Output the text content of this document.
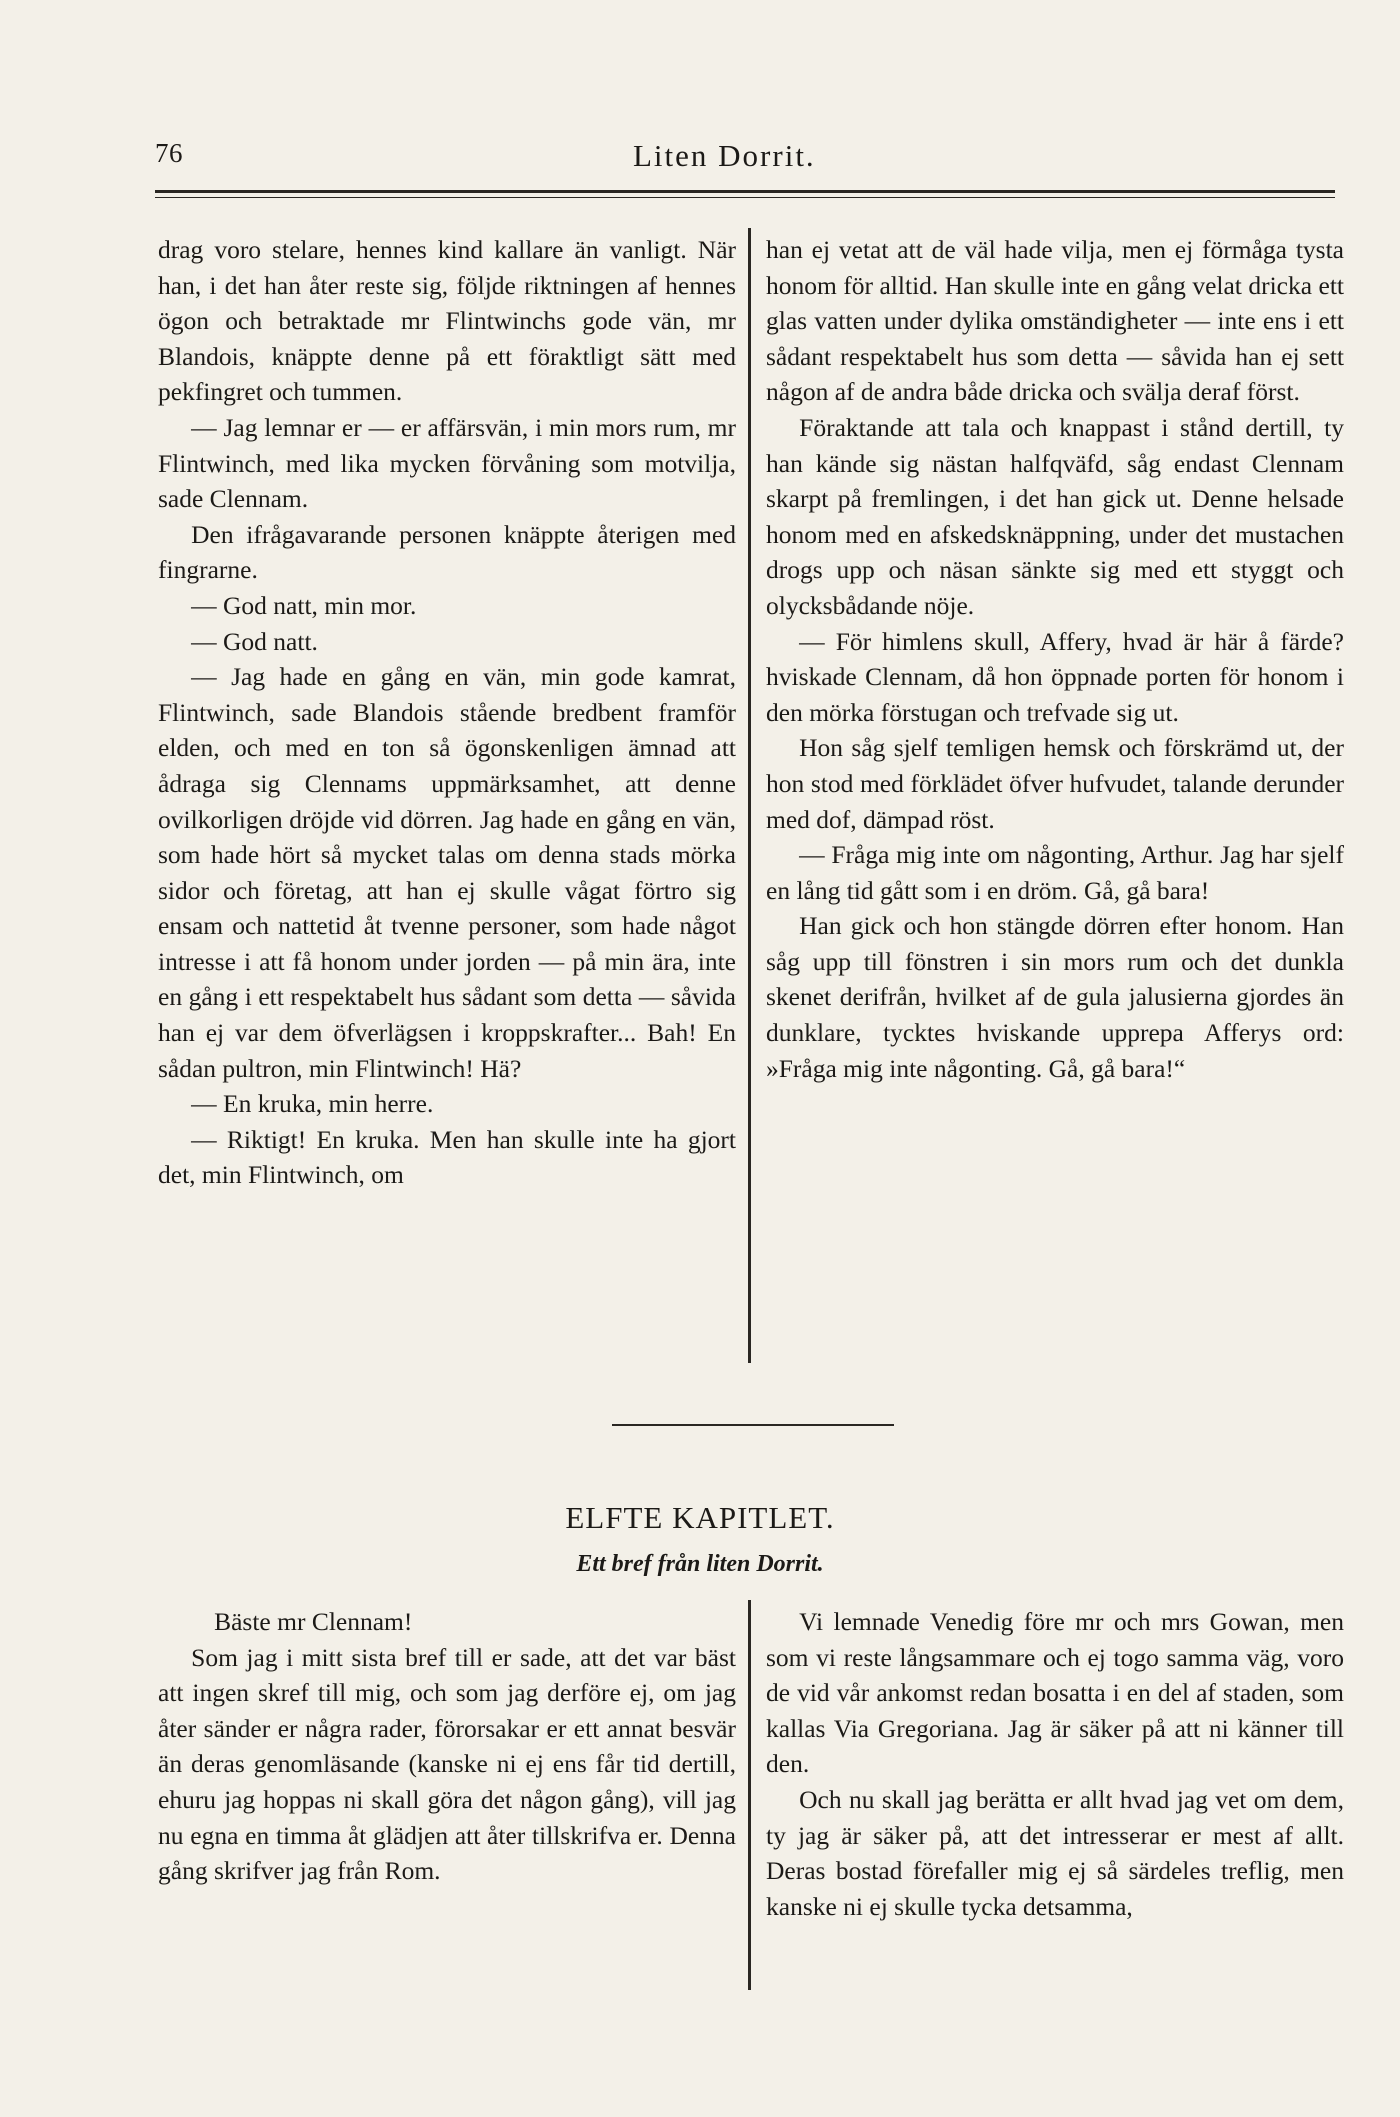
76	Liten Dorrit.

drag voro stelare, hennes kind kallare än vanligt. När han, i det han åter reste sig, följde riktningen af hennes ögon och betraktade mr Flintwinchs gode vän, mr Blandois, knäppte denne på ett föraktligt sätt med pekfingret och tummen.

— Jag lemnar er — er affärsvän, i min mors rum, mr Flintwinch, med lika mycken förvåning som motvilja, sade Clennam.

Den ifrågavarande personen knäppte återigen med fingrarne.

— God natt, min mor.

— God natt.

— Jag hade en gång en vän, min gode kamrat, Flintwinch, sade Blandois stående bredbent framför elden, och med en ton så ögonskenligen ämnad att ådraga sig Clennams uppmärksamhet, att denne ovilkorligen dröjde vid dörren. Jag hade en gång en vän, som hade hört så mycket talas om denna stads mörka sidor och företag, att han ej skulle vågat förtro sig ensam och nattetid åt tvenne personer, som hade något intresse i att få honom under jorden — på min ära, inte en gång i ett respektabelt hus sådant som detta — såvida han ej var dem öfverlägsen i kroppskrafter... Bah! En sådan pultron, min Flintwinch! Hä?

— En kruka, min herre.

— Riktigt! En kruka. Men han skulle inte ha gjort det, min Flintwinch, om

han ej vetat att de väl hade vilja, men ej förmåga tysta honom för alltid. Han skulle inte en gång velat dricka ett glas vatten under dylika omständigheter — inte ens i ett sådant respektabelt hus som detta — såvida han ej sett någon af de andra både dricka och svälja deraf först.

Föraktande att tala och knappast i stånd dertill, ty han kände sig nästan halfqväfd, såg endast Clennam skarpt på fremlingen, i det han gick ut. Denne helsade honom med en afskedsknäppning, under det mustachen drogs upp och näsan sänkte sig med ett styggt och olycksbådande nöje.

— För himlens skull, Affery, hvad är här å färde? hviskade Clennam, då hon öppnade porten för honom i den mörka förstugan och trefvade sig ut.

Hon såg sjelf temligen hemsk och förskrämd ut, der hon stod med förklädet öfver hufvudet, talande derunder med dof, dämpad röst.

— Fråga mig inte om någonting, Arthur. Jag har sjelf en lång tid gått som i en dröm. Gå, gå bara!

Han gick och hon stängde dörren efter honom. Han såg upp till fönstren i sin mors rum och det dunkla skenet derifrån, hvilket af de gula jalusierna gjordes än dunklare, tycktes hviskande upprepa Afferys ord: »Fråga mig inte någonting. Gå, gå bara!“

ELFTE KAPITLET.
Ett bref från liten Dorrit.

Bäste mr Clennam!

Som jag i mitt sista bref till er sade, att det var bäst att ingen skref till mig, och som jag derföre ej, om jag åter sänder er några rader, förorsakar er ett annat besvär än deras genomläsande (kanske ni ej ens får tid dertill, ehuru jag hoppas ni skall göra det någon gång), vill jag nu egna en timma åt glädjen att åter tillskrifva er. Denna gång skrifver jag från Rom.

Vi lemnade Venedig före mr och mrs Gowan, men som vi reste långsammare och ej togo samma väg, voro de vid vår ankomst redan bosatta i en del af staden, som kallas Via Gregoriana. Jag är säker på att ni känner till den.

Och nu skall jag berätta er allt hvad jag vet om dem, ty jag är säker på, att det intresserar er mest af allt. Deras bostad förefaller mig ej så särdeles treflig, men kanske ni ej skulle tycka detsamma,
